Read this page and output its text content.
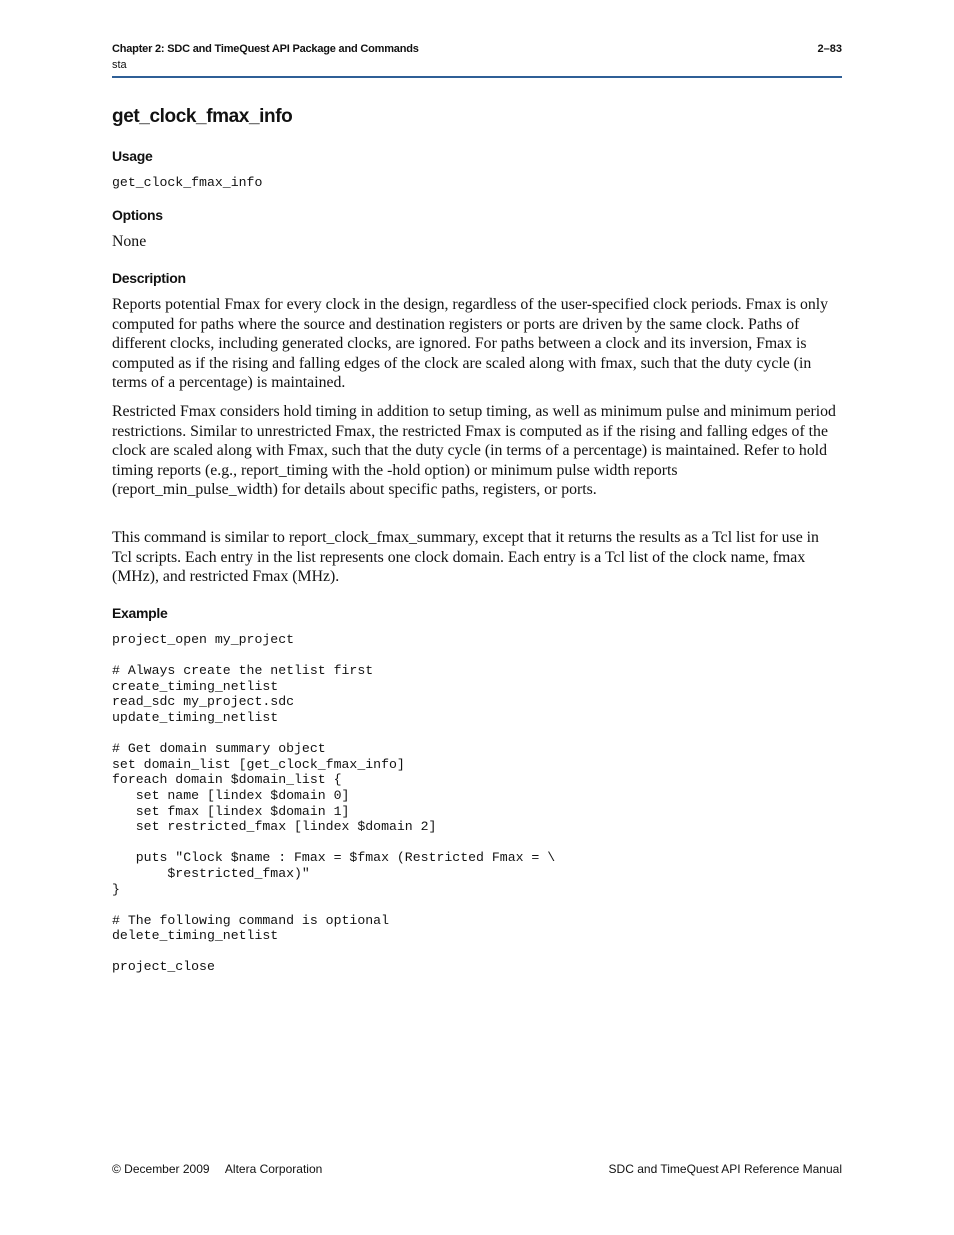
Chapter 2: SDC and TimeQuest API Package and Commands
sta
2–83
get_clock_fmax_info
Usage
get_clock_fmax_info
Options

None

Description

Reports potential Fmax for every clock in the design, regardless of the user-specified clock periods. Fmax is only computed for paths where the source and destination registers or ports are driven by the same clock. Paths of different clocks, including generated clocks, are ignored. For paths between a clock and its inversion, Fmax is computed as if the rising and falling edges of the clock are scaled along with fmax, such that the duty cycle (in terms of a percentage) is maintained.

Restricted Fmax considers hold timing in addition to setup timing, as well as minimum pulse and minimum period restrictions. Similar to unrestricted Fmax, the restricted Fmax is computed as if the rising and falling edges of the clock are scaled along with Fmax, such that the duty cycle (in terms of a percentage) is maintained. Refer to hold timing reports (e.g., report_timing with the -hold option) or minimum pulse width reports (report_min_pulse_width) for details about specific paths, registers, or ports.

This command is similar to report_clock_fmax_summary, except that it returns the results as a Tcl list for use in Tcl scripts. Each entry in the list represents one clock domain. Each entry is a Tcl list of the clock name, fmax (MHz), and restricted Fmax (MHz).

Example
project_open my_project

# Always create the netlist first
create_timing_netlist
read_sdc my_project.sdc
update_timing_netlist

# Get domain summary object
set domain_list [get_clock_fmax_info]
foreach domain $domain_list {
set name [lindex $domain 0]
set fmax [lindex $domain 1]
set restricted_fmax [lindex $domain 2]

puts "Clock $name : Fmax = $fmax (Restricted Fmax = \
$restricted_fmax)"
}

# The following command is optional
delete_timing_netlist

project_close
© December 2009 Altera Corporation	SDC and TimeQuest API Reference Manual
